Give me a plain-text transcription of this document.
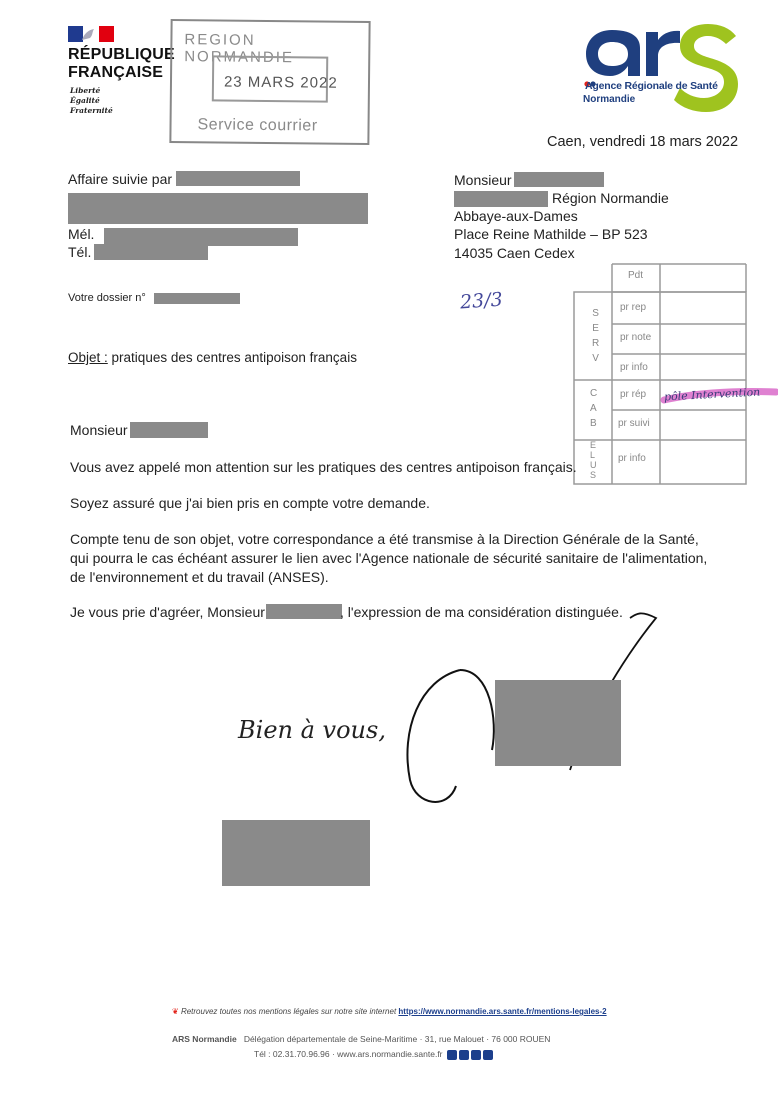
RÉPUBLIQUE
FRANÇAISE
Liberté
Égalité
Fraternité
REGION NORMANDIE
23 MARS 2022
Service courrier
Agence Régionale de Santé
Normandie
Caen, vendredi 18 mars 2022
Affaire suivie par
Mél.
Tél.
Votre dossier n°
Monsieur
Région Normandie
Abbaye-aux-Dames
Place Reine Mathilde – BP 523
14035 Caen Cedex
23/3
Pdt
S
E
R
V
pr rep
pr note
pr info
C
A
B
pr rép
pr suivi
E
L
U
S
pr info
pôle Intervention
Objet : pratiques des centres antipoison français
Monsieur
Vous avez appelé mon attention sur les pratiques des centres antipoison français.
Soyez assuré que j'ai bien pris en compte votre demande.
Compte tenu de son objet, votre correspondance a été transmise à la Direction Générale de la Santé,
qui pourra le cas échéant assurer le lien avec l'Agence nationale de sécurité sanitaire de l'alimentation,
de l'environnement et du travail (ANSES).
Je vous prie d'agréer, Monsieur	, l'expression de ma considération distinguée.
Bien à vous,
❦ Retrouvez toutes nos mentions légales sur notre site internet https://www.normandie.ars.sante.fr/mentions-legales-2
ARS Normandie Délégation départementale de Seine-Maritime · 31, rue Malouet · 76 000 ROUEN
Tél : 02.31.70.96.96 · www.ars.normandie.sante.fr
